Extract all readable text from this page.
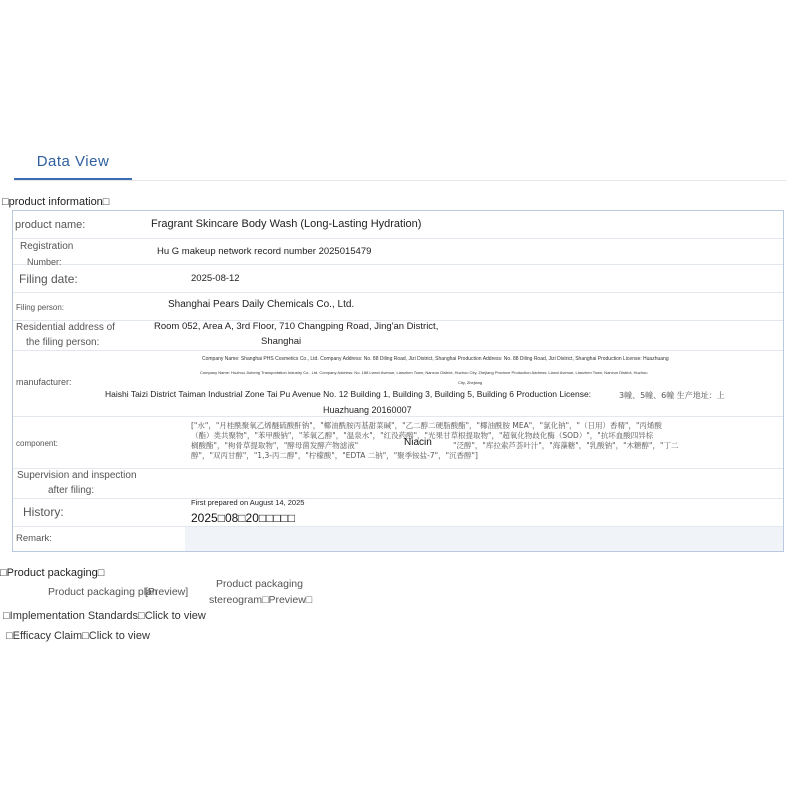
Data View
□product information□
product name:	Fragrant Skincare Body Wash (Long-Lasting Hydration)
Registration
Number:
Hu G makeup network record number 2025015479
Filing date:	2025-08-12
Filing person:	Shanghai Pears Daily Chemicals Co., Ltd.
Residential address of
the filing person:
Room 052, Area A, 3rd Floor, 710 Changping Road, Jing'an District,
Shanghai
manufacturer:
Company Name: Shanghai PHS Cosmetics Co., Ltd. Company Address: No. 88 Diling Road, Jizi District, Shanghai Production Address: No. 88 Diling Road, Jizi District, Shanghai Production License: Huazhuang
Company Name: Huzhou Jiuheng Transportation Industry Co., Ltd. Company Address: No. 188 Lianxi Avenue, Lianzhen Town, Nanxun District, Huzhou City, Zhejiang Province Production Address: Lianxi Avenue, Lianzhen Town, Nanxun District, Huzhou
City, Zhejiang
Haishi Taizi District Taiman Industrial Zone Tai Pu Avenue No. 12 Building 1, Building 3, Building 5, Building 6 Production License:	3幢、5幢、6幢 生产地址：上
Huazhuang 20160007
component:
["水"，"月桂酰聚氧乙烯醚硫酸酐钠"，"椰油酰胺丙基甜菜碱"，"乙二醇二硬脂酸酯"，"椰油酰胺 MEA"，"氯化钠"，"（日用）香精"，"丙烯酸
（酯）类共聚物"，"苯甲酸钠"，"苯氧乙醇"，"温泉水"，"红没药醇"，"光果甘草根提取物"，"超氧化物歧化酶（SOD）"，"抗坏血酸四异棕
榈酸酯"，"枸骨草提取物"，"酵母菌发酵产物滤液"	Niacin	"泛醇"，"库拉索芦荟叶汁"，"海藻糖"，"乳酸钠"，"木糖醇"，"丁二
醇"，"双丙甘醇"，"1,3-丙二醇"，"柠檬酸"，"EDTA 二钠"，"聚季铵盐-7"，"沉香醇"]
Supervision and inspection
after filing:
History:
First prepared on August 14, 2025
2025□08□20□□□□□
Remark:
□Product packaging□
Product packaging plan
[Preview]
Product packaging
stereogram□Preview□
□Implementation Standards□Click to view
□Efficacy Claim□Click to view
